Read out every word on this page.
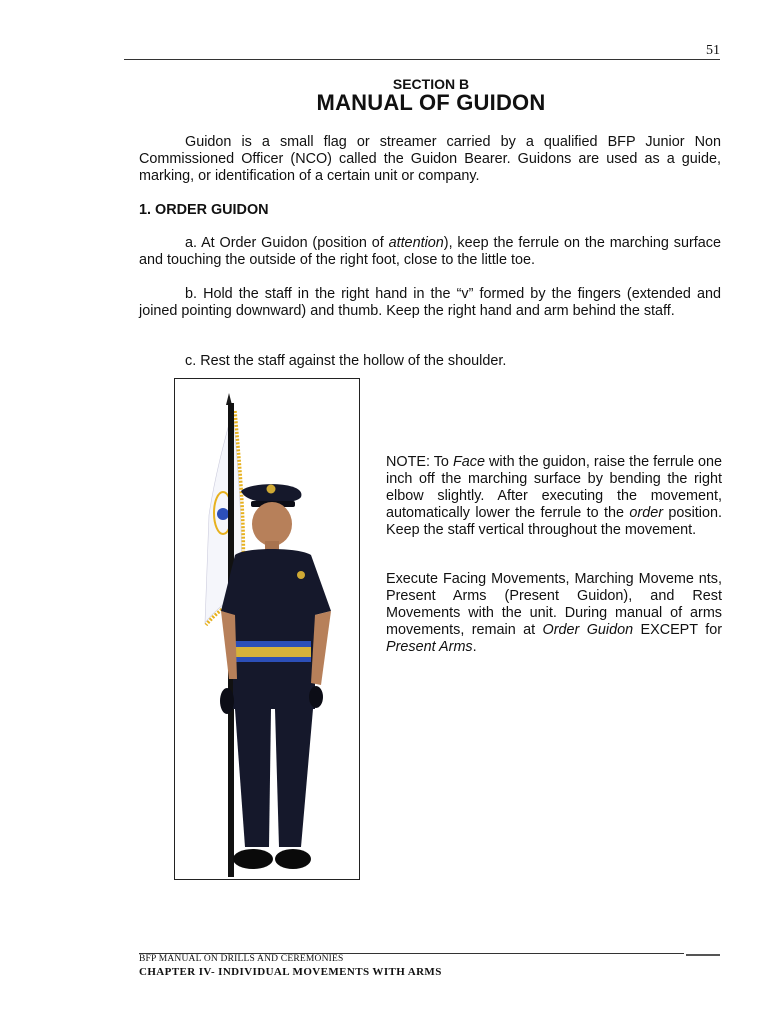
51
SECTION B
MANUAL OF GUIDON

Guidon is a small flag or streamer carried by a qualified BFP Junior Non Commissioned Officer (NCO) called the Guidon Bearer. Guidons are used as a guide, marking, or identification of a certain unit or company.

1. ORDER GUIDON

a. At Order Guidon (position of attention), keep the ferrule on the marching surface and touching the outside of the right foot, close to the little toe.

b. Hold the staff in the right hand in the “v” formed by the fingers (extended and joined pointing downward) and thumb. Keep the right hand and arm behind the staff.

c. Rest the staff against the hollow of the shoulder.

NOTE: To Face with the guidon, raise the ferrule one inch off the marching surface by bending the right elbow slightly. After executing the movement, automatically lower the ferrule to the order position. Keep the staff vertical throughout the movement.

Execute Facing Movements, Marching Moveme nts, Present Arms (Present Guidon), and Rest Movements with the unit. During manual of arms movements, remain at Order Guidon EXCEPT for Present Arms.

BFP MANUAL ON DRILLS AND CEREMONIES
CHAPTER IV- INDIVIDUAL MOVEMENTS WITH ARMS
